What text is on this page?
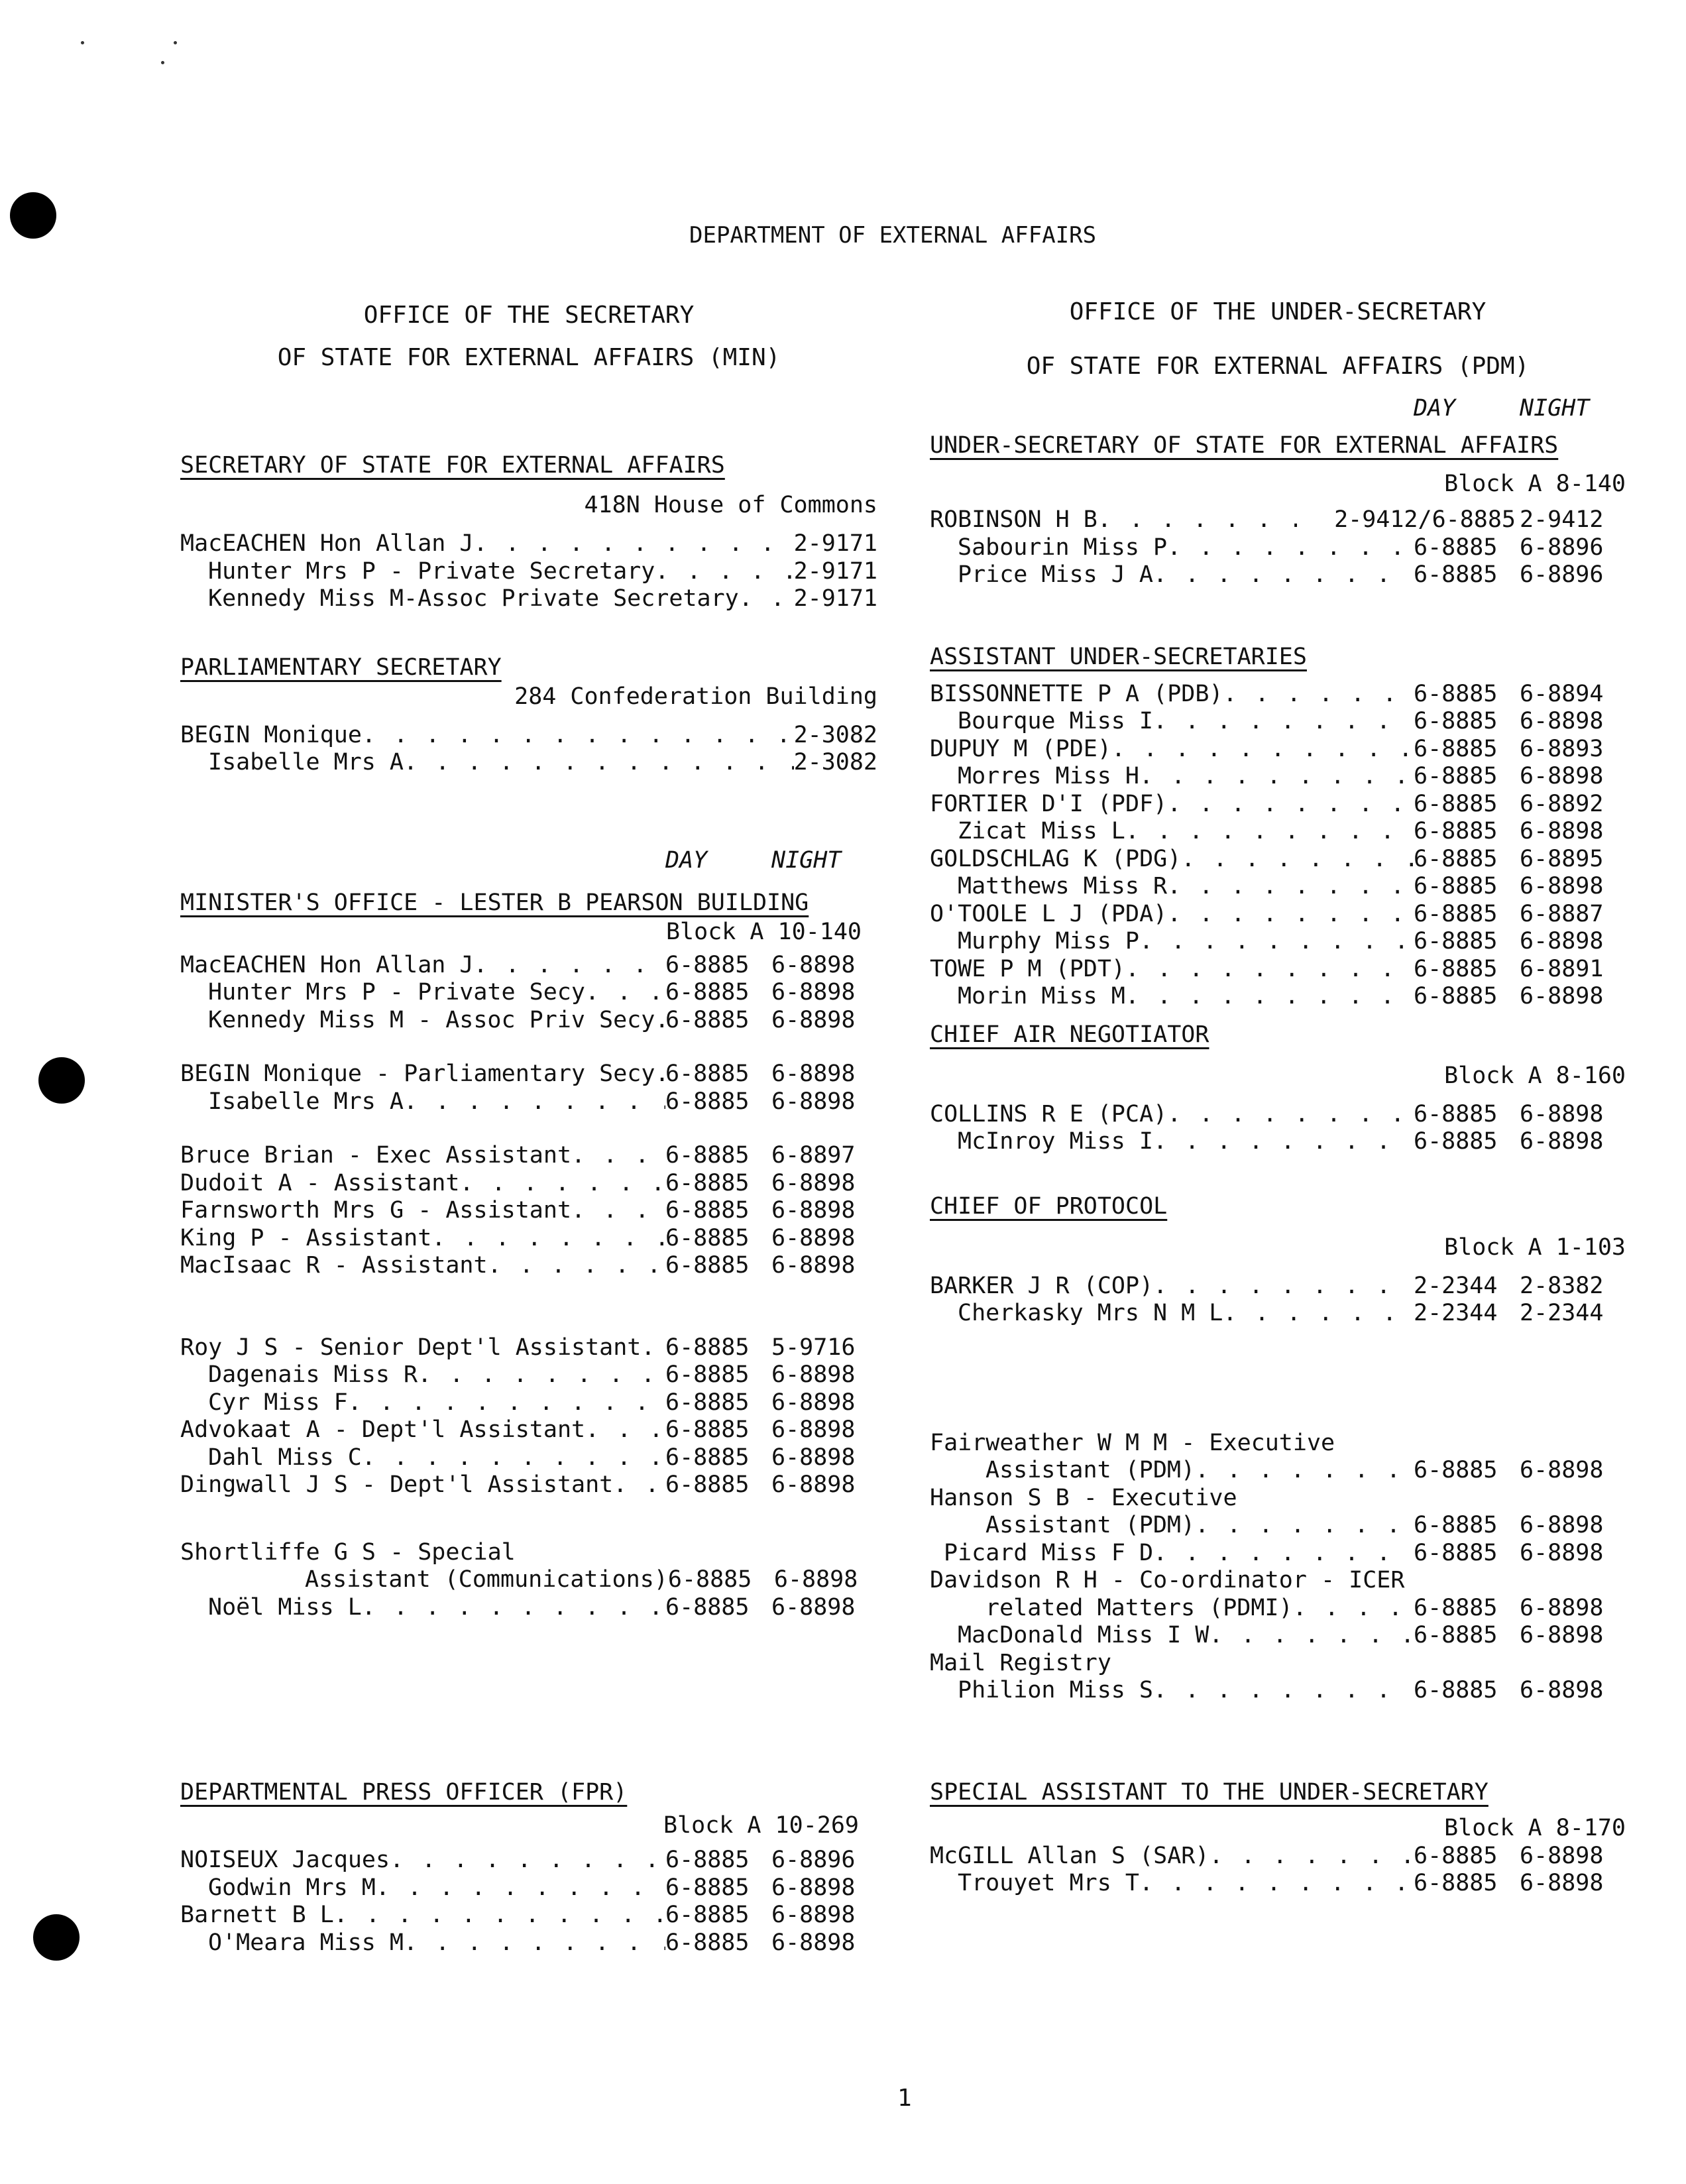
DEPARTMENT OF EXTERNAL AFFAIRS
OFFICE OF THE SECRETARY
OF STATE FOR EXTERNAL AFFAIRS (MIN)
SECRETARY OF STATE FOR EXTERNAL AFFAIRS
418N House of Commons
MacEACHEN Hon Allan J . . .	2-9171
Hunter Mrs P - Private Secretary . . .	2-9171
Kennedy Miss M-Assoc Private Secretary . . . 2-9171
PARLIAMENTARY SECRETARY
284 Confederation Building
BEGIN Monique . . .	2-3082
Isabelle Mrs A . . .	2-3082
DAY	NIGHT
MINISTER'S OFFICE - LESTER B PEARSON BUILDING
Block A 10-140
MacEACHEN Hon Allan J . . .	6-8885 6-8898
Hunter Mrs P - Private Secy . . .	6-8885 6-8898
Kennedy Miss M - Assoc Priv Secy . . . 6-8885 6-8898
BEGIN Monique - Parliamentary Secy . . . 6-8885 6-8898
Isabelle Mrs A . . .	6-8885 6-8898
Bruce Brian - Exec Assistant . . .	6-8885 6-8897
Dudoit A - Assistant . . .	6-8885 6-8898
Farnsworth Mrs G - Assistant . . .	6-8885 6-8898
King P - Assistant . . .	6-8885 6-8898
MacIsaac R - Assistant . . .	6-8885 6-8898
Roy J S - Senior Dept'l Assistant . . . 6-8885 5-9716
Dagenais Miss R . . .	6-8885 6-8898
Cyr Miss F . . .	6-8885 6-8898
Advokaat A - Dept'l Assistant . . .	6-8885 6-8898
Dahl Miss C . . .	6-8885 6-8898
Dingwall J S - Dept'l Assistant . . . 6-8885 6-8898
Shortliffe G S - Special
Assistant (Communications) 6-8885 6-8898
Noël Miss L . . .	6-8885 6-8898
DEPARTMENTAL PRESS OFFICER (FPR)
Block A 10-269
NOISEUX Jacques . . .	6-8885 6-8896
Godwin Mrs M . . .	6-8885 6-8898
Barnett B L . . .	6-8885 6-8898
O'Meara Miss M . . .	6-8885 6-8898
OFFICE OF THE UNDER-SECRETARY
OF STATE FOR EXTERNAL AFFAIRS (PDM)
DAY	NIGHT
UNDER-SECRETARY OF STATE FOR EXTERNAL AFFAIRS
Block A 8-140
ROBINSON H B . . .	2-9412/6-8885 2-9412
Sabourin Miss P . . .	6-8885 6-8896
Price Miss J A . . .	6-8885 6-8896
ASSISTANT UNDER-SECRETARIES
BISSONNETTE P A (PDB) . . .	6-8885 6-8894
Bourque Miss I . . .	6-8885 6-8898
DUPUY M (PDE) . . .	6-8885 6-8893
Morres Miss H . . .	6-8885 6-8898
FORTIER D'I (PDF) . . .	6-8885 6-8892
Zicat Miss L . . .	6-8885 6-8898
GOLDSCHLAG K (PDG) . . .	6-8885 6-8895
Matthews Miss R . . .	6-8885 6-8898
O'TOOLE L J (PDA) . . .	6-8885 6-8887
Murphy Miss P . . .	6-8885 6-8898
TOWE P M (PDT) . . .	6-8885 6-8891
Morin Miss M . . .	6-8885 6-8898
CHIEF AIR NEGOTIATOR
Block A 8-160
COLLINS R E (PCA) . . .	6-8885 6-8898
McInroy Miss I . . .	6-8885 6-8898
CHIEF OF PROTOCOL
Block A 1-103
BARKER J R (COP) . . .	2-2344 2-8382
Cherkasky Mrs N M L . . .	2-2344 2-2344
Fairweather W M M - Executive
Assistant (PDM) . . .	6-8885 6-8898
Hanson S B - Executive
Assistant (PDM) . . .	6-8885 6-8898
Picard Miss F D . . .	6-8885 6-8898
Davidson R H - Co-ordinator - ICER
related Matters (PDMI) . . .	6-8885 6-8898
MacDonald Miss I W . . .	6-8885 6-8898
Mail Registry
Philion Miss S . . .	6-8885 6-8898
SPECIAL ASSISTANT TO THE UNDER-SECRETARY
Block A 8-170
McGILL Allan S (SAR) . . .	6-8885 6-8898
Trouyet Mrs T . . .	6-8885 6-8898
1
